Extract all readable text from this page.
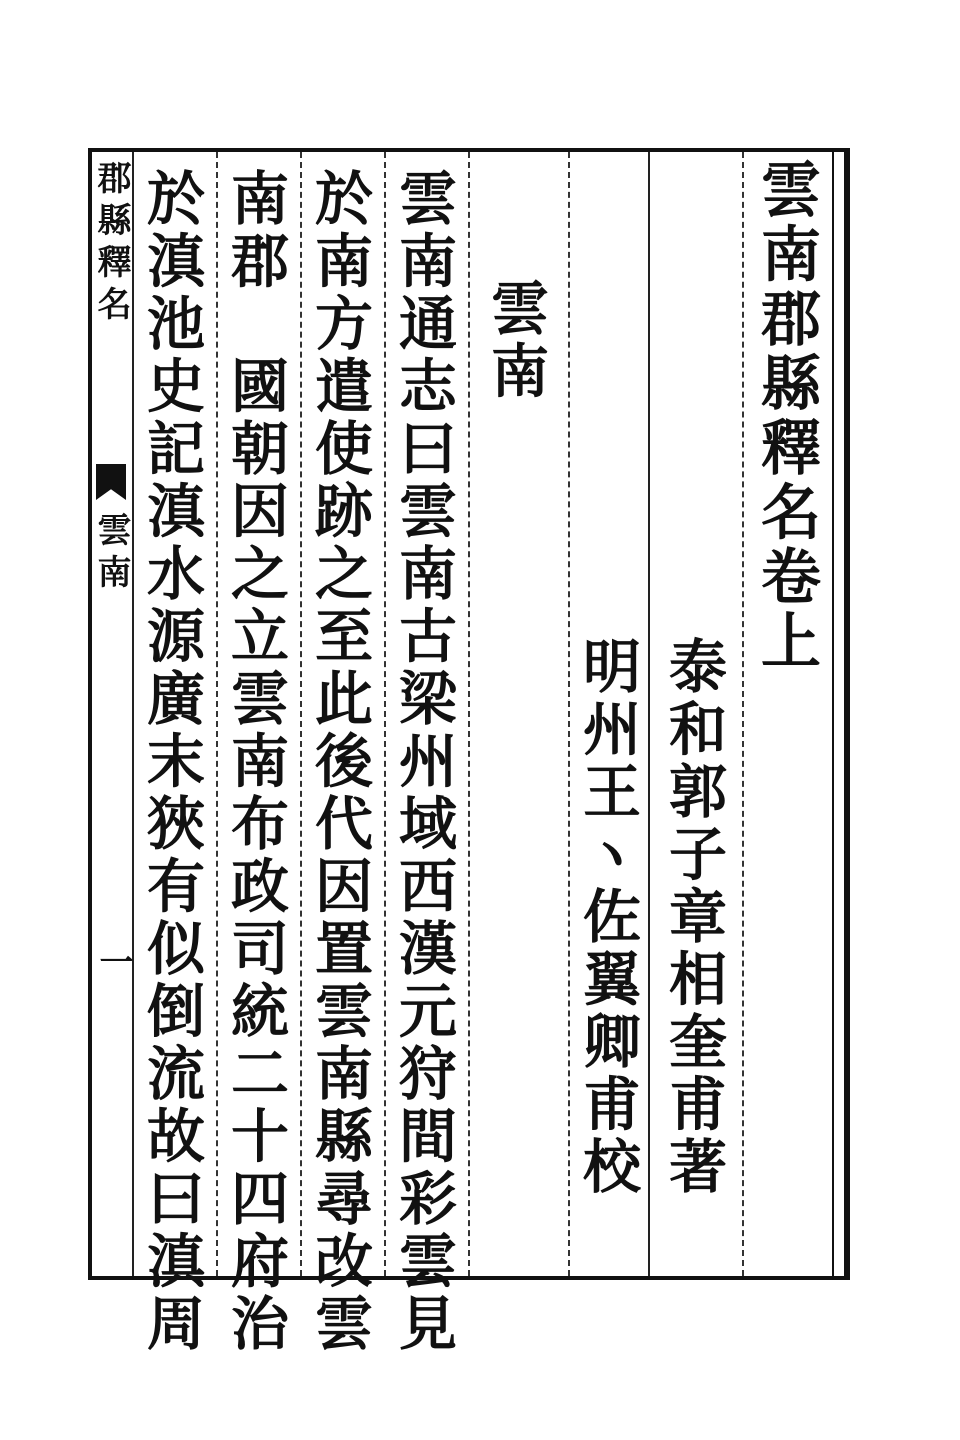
郡縣釋名
雲南
一 於滇池史記滇水源廣末狹有似倒流故曰滇周 南郡　國朝因之立雲南布政司統二十四府治 於南方遣使跡之至此後代因置雲南縣尋改雲 雲南通志曰雲南古梁州域西漢元狩間彩雲見 雲南
明州王ヽ佐翼卿甫校 泰和郭子章相奎甫著
雲南郡縣釋名卷上
